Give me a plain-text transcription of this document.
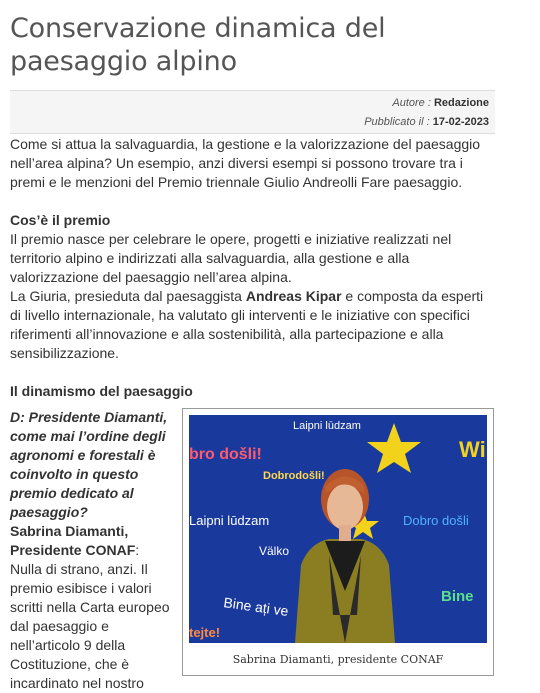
Conservazione dinamica del paesaggio alpino
Autore : Redazione
Pubblicato il : 17-02-2023

Come si attua la salvaguardia, la gestione e la valorizzazione del paesaggio nell’area alpina? Un esempio, anzi diversi esempi si possono trovare tra i premi e le menzioni del Premio triennale Giulio Andreolli Fare paesaggio.

Cos’è il premio

Il premio nasce per celebrare le opere, progetti e iniziative realizzati nel territorio alpino e indirizzati alla salvaguardia, alla gestione e alla valorizzazione del paesaggio nell’area alpina.

La Giuria, presieduta dal paesaggista Andreas Kipar e composta da esperti di livello internazionale, ha valutato gli interventi e le iniziative con specifici riferimenti all’innovazione e alla sostenibilità, alla partecipazione e alla sensibilizzazione.

Il dinamismo del paesaggio

D: Presidente Diamanti, come mai l’ordine degli agronomi e forestali è coinvolto in questo premio dedicato al paesaggio?

Sabrina Diamanti, Presidente CONAF: Nulla di strano, anzi. Il premio esibisce i valori scritti nella Carta europeo dal paesaggio e nell’articolo 9 della Costituzione, che è incardinato nel nostro

Laipni lūdzam
bro došli!
Dobrodošli!
Laipni lūdzam
Wi
Dobro došli
Välko
Bine ați ve	Bine
tejte!
Sabrina Diamanti, presidente CONAF
